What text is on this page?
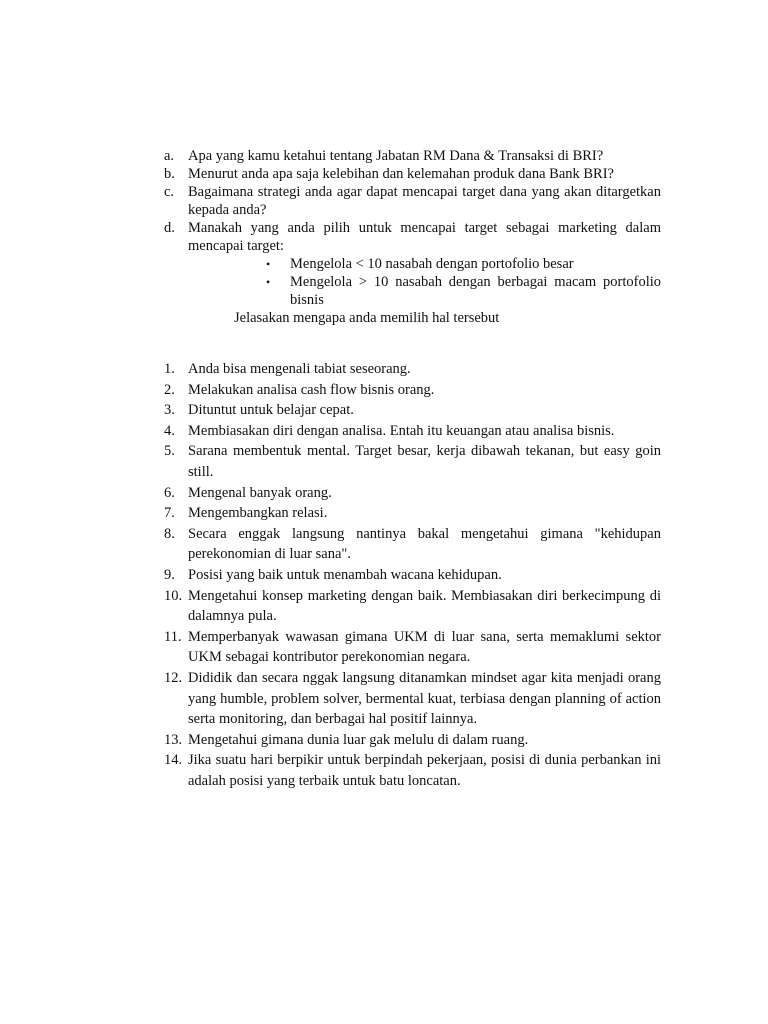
a. Apa yang kamu ketahui tentang Jabatan RM Dana & Transaksi di BRI?
b. Menurut anda apa saja kelebihan dan kelemahan produk dana Bank BRI?
c. Bagaimana strategi anda agar dapat mencapai target dana yang akan ditargetkan kepada anda?
d. Manakah yang anda pilih untuk mencapai target sebagai marketing dalam mencapai target:
• Mengelola < 10 nasabah dengan portofolio besar
• Mengelola > 10 nasabah dengan berbagai macam portofolio bisnis
Jelasakan mengapa anda memilih hal tersebut
1. Anda bisa mengenali tabiat seseorang.
2. Melakukan analisa cash flow bisnis orang.
3. Dituntut untuk belajar cepat.
4. Membiasakan diri dengan analisa. Entah itu keuangan atau analisa bisnis.
5. Sarana membentuk mental. Target besar, kerja dibawah tekanan, but easy goin still.
6. Mengenal banyak orang.
7. Mengembangkan relasi.
8. Secara enggak langsung nantinya bakal mengetahui gimana "kehidupan perekonomian di luar sana".
9. Posisi yang baik untuk menambah wacana kehidupan.
10. Mengetahui konsep marketing dengan baik. Membiasakan diri berkecimpung di dalamnya pula.
11. Memperbanyak wawasan gimana UKM di luar sana, serta memaklumi sektor UKM sebagai kontributor perekonomian negara.
12. Dididik dan secara nggak langsung ditanamkan mindset agar kita menjadi orang yang humble, problem solver, bermental kuat, terbiasa dengan planning of action serta monitoring, dan berbagai hal positif lainnya.
13. Mengetahui gimana dunia luar gak melulu di dalam ruang.
14. Jika suatu hari berpikir untuk berpindah pekerjaan, posisi di dunia perbankan ini adalah posisi yang terbaik untuk batu loncatan.
